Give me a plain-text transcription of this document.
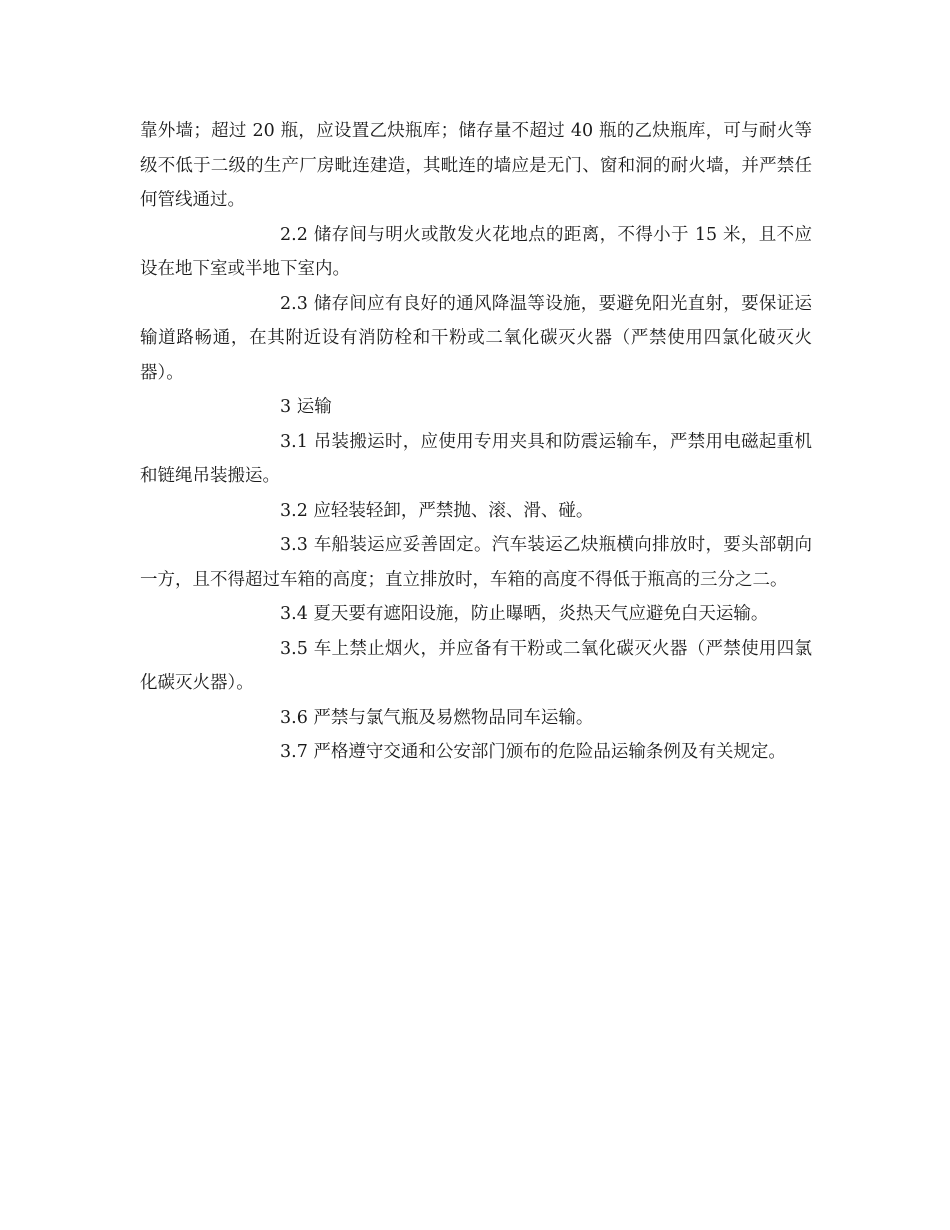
靠外墙；超过 20 瓶，应设置乙炔瓶库；储存量不超过 40 瓶的乙炔瓶库，可与耐火等级不低于二级的生产厂房毗连建造，其毗连的墙应是无门、窗和洞的耐火墙，并严禁任何管线通过。

2.2 储存间与明火或散发火花地点的距离，不得小于 15 米，且不应设在地下室或半地下室内。

2.3 储存间应有良好的通风降温等设施，要避免阳光直射，要保证运输道路畅通，在其附近设有消防栓和干粉或二氧化碳灭火器（严禁使用四氯化破灭火器）。

3 运输

3.1 吊装搬运时，应使用专用夹具和防震运输车，严禁用电磁起重机和链绳吊装搬运。

3.2 应轻装轻卸，严禁抛、滚、滑、碰。

3.3 车船装运应妥善固定。汽车装运乙炔瓶横向排放时，要头部朝向一方，且不得超过车箱的高度；直立排放时，车箱的高度不得低于瓶高的三分之二。

3.4 夏天要有遮阳设施，防止曝晒，炎热天气应避免白天运输。

3.5 车上禁止烟火，并应备有干粉或二氧化碳灭火器（严禁使用四氯化碳灭火器）。

3.6 严禁与氯气瓶及易燃物品同车运输。

3.7 严格遵守交通和公安部门颁布的危险品运输条例及有关规定。
